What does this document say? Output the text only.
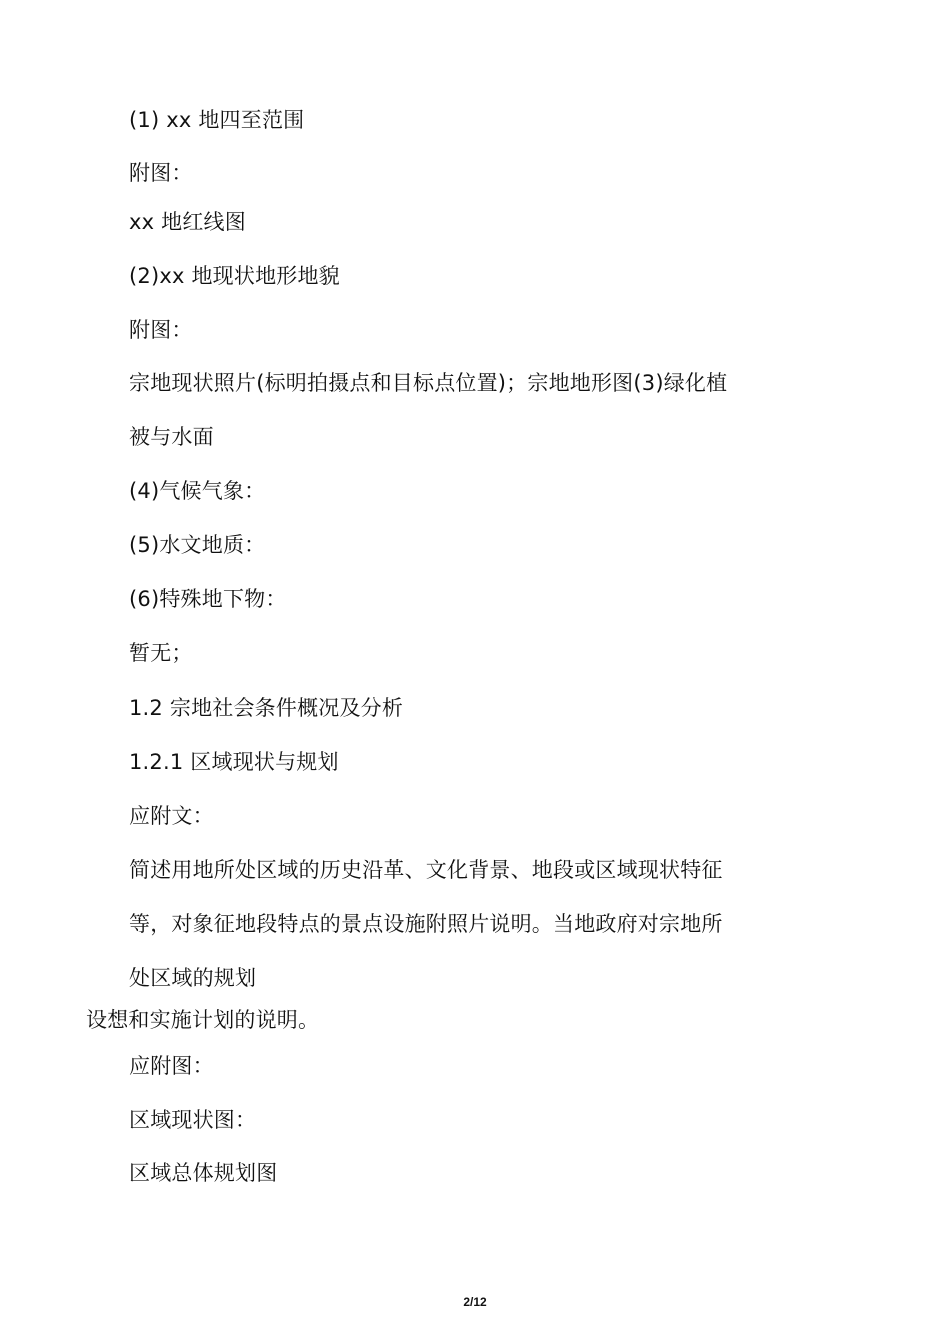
(1) xx 地四至范围
附图：
xx 地红线图
(2)xx 地现状地形地貌
附图：
宗地现状照片(标明拍摄点和目标点位置)；宗地地形图(3)绿化植
被与水面
(4)气候气象：
(5)水文地质：
(6)特殊地下物：
暂无；
1.2 宗地社会条件概况及分析
1.2.1 区域现状与规划
应附文：
简述用地所处区域的历史沿革、文化背景、地段或区域现状特征
等，对象征地段特点的景点设施附照片说明。当地政府对宗地所
处区域的规划
设想和实施计划的说明。
应附图：
区域现状图：
区域总体规划图
2/12
